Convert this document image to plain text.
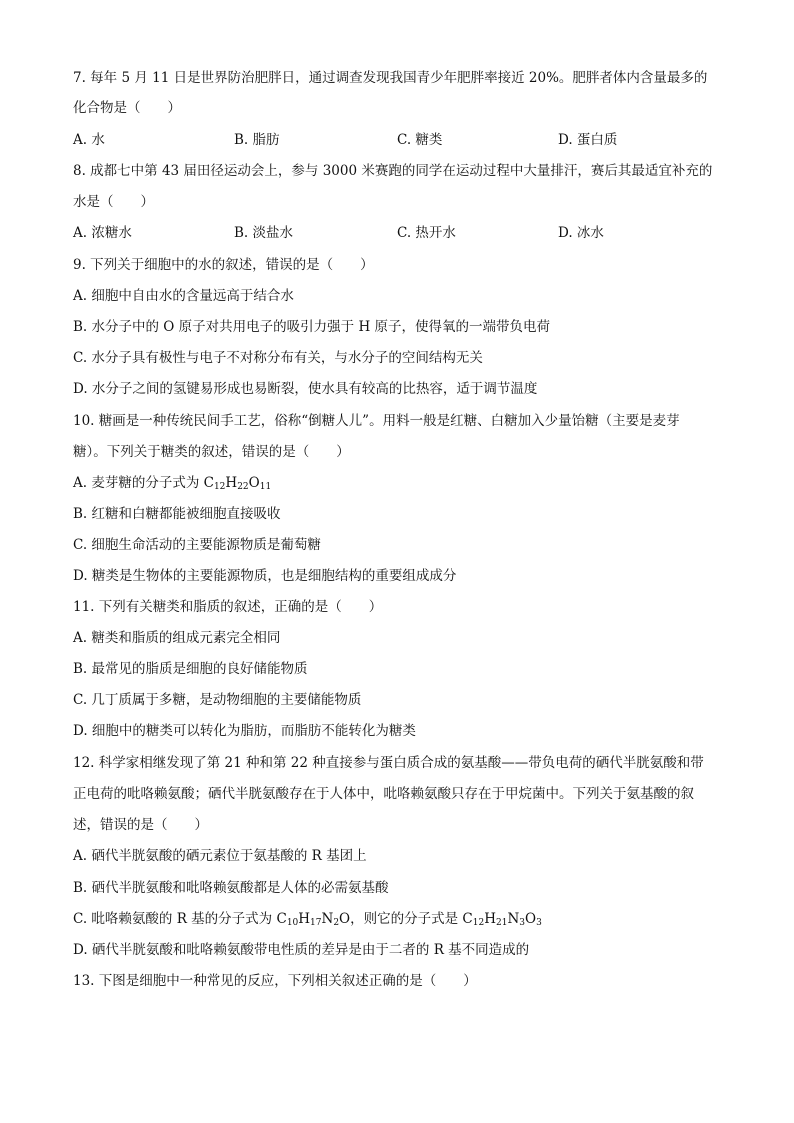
7. 每年 5 月 11 日是世界防治肥胖日，通过调查发现我国青少年肥胖率接近 20%。肥胖者体内含量最多的
化合物是（　　）
A. 水	B. 脂肪	C. 糖类	D. 蛋白质
8. 成都七中第 43 届田径运动会上，参与 3000 米赛跑的同学在运动过程中大量排汗，赛后其最适宜补充的
水是（　　）
A. 浓糖水	B. 淡盐水	C. 热开水	D. 冰水
9. 下列关于细胞中的水的叙述，错误的是（　　）
A. 细胞中自由水的含量远高于结合水
B. 水分子中的 O 原子对共用电子的吸引力强于 H 原子，使得氧的一端带负电荷
C. 水分子具有极性与电子不对称分布有关，与水分子的空间结构无关
D. 水分子之间的氢键易形成也易断裂，使水具有较高的比热容，适于调节温度
10. 糖画是一种传统民间手工艺，俗称“倒糖人儿”。用料一般是红糖、白糖加入少量饴糖（主要是麦芽
糖）。下列关于糖类的叙述，错误的是（　　）
A. 麦芽糖的分子式为 $C_{12}H_{22}O_{11}$
B. 红糖和白糖都能被细胞直接吸收
C. 细胞生命活动的主要能源物质是葡萄糖
D. 糖类是生物体的主要能源物质，也是细胞结构的重要组成成分
11. 下列有关糖类和脂质的叙述，正确的是（　　）
A. 糖类和脂质的组成元素完全相同
B. 最常见的脂质是细胞的良好储能物质
C. 几丁质属于多糖，是动物细胞的主要储能物质
D. 细胞中的糖类可以转化为脂肪，而脂肪不能转化为糖类
12. 科学家相继发现了第 21 种和第 22 种直接参与蛋白质合成的氨基酸——带负电荷的硒代半胱氨酸和带
正电荷的吡咯赖氨酸；硒代半胱氨酸存在于人体中，吡咯赖氨酸只存在于甲烷菌中。下列关于氨基酸的叙
述，错误的是（　　）
A. 硒代半胱氨酸的硒元素位于氨基酸的 R 基团上
B. 硒代半胱氨酸和吡咯赖氨酸都是人体的必需氨基酸
C. 吡咯赖氨酸的 R 基的分子式为 $C_{10}H_{17}N_2O$，则它的分子式是 $C_{12}H_{21}N_3O_3$
D. 硒代半胱氨酸和吡咯赖氨酸带电性质的差异是由于二者的 R 基不同造成的
13. 下图是细胞中一种常见的反应，下列相关叙述正确的是（　　）
